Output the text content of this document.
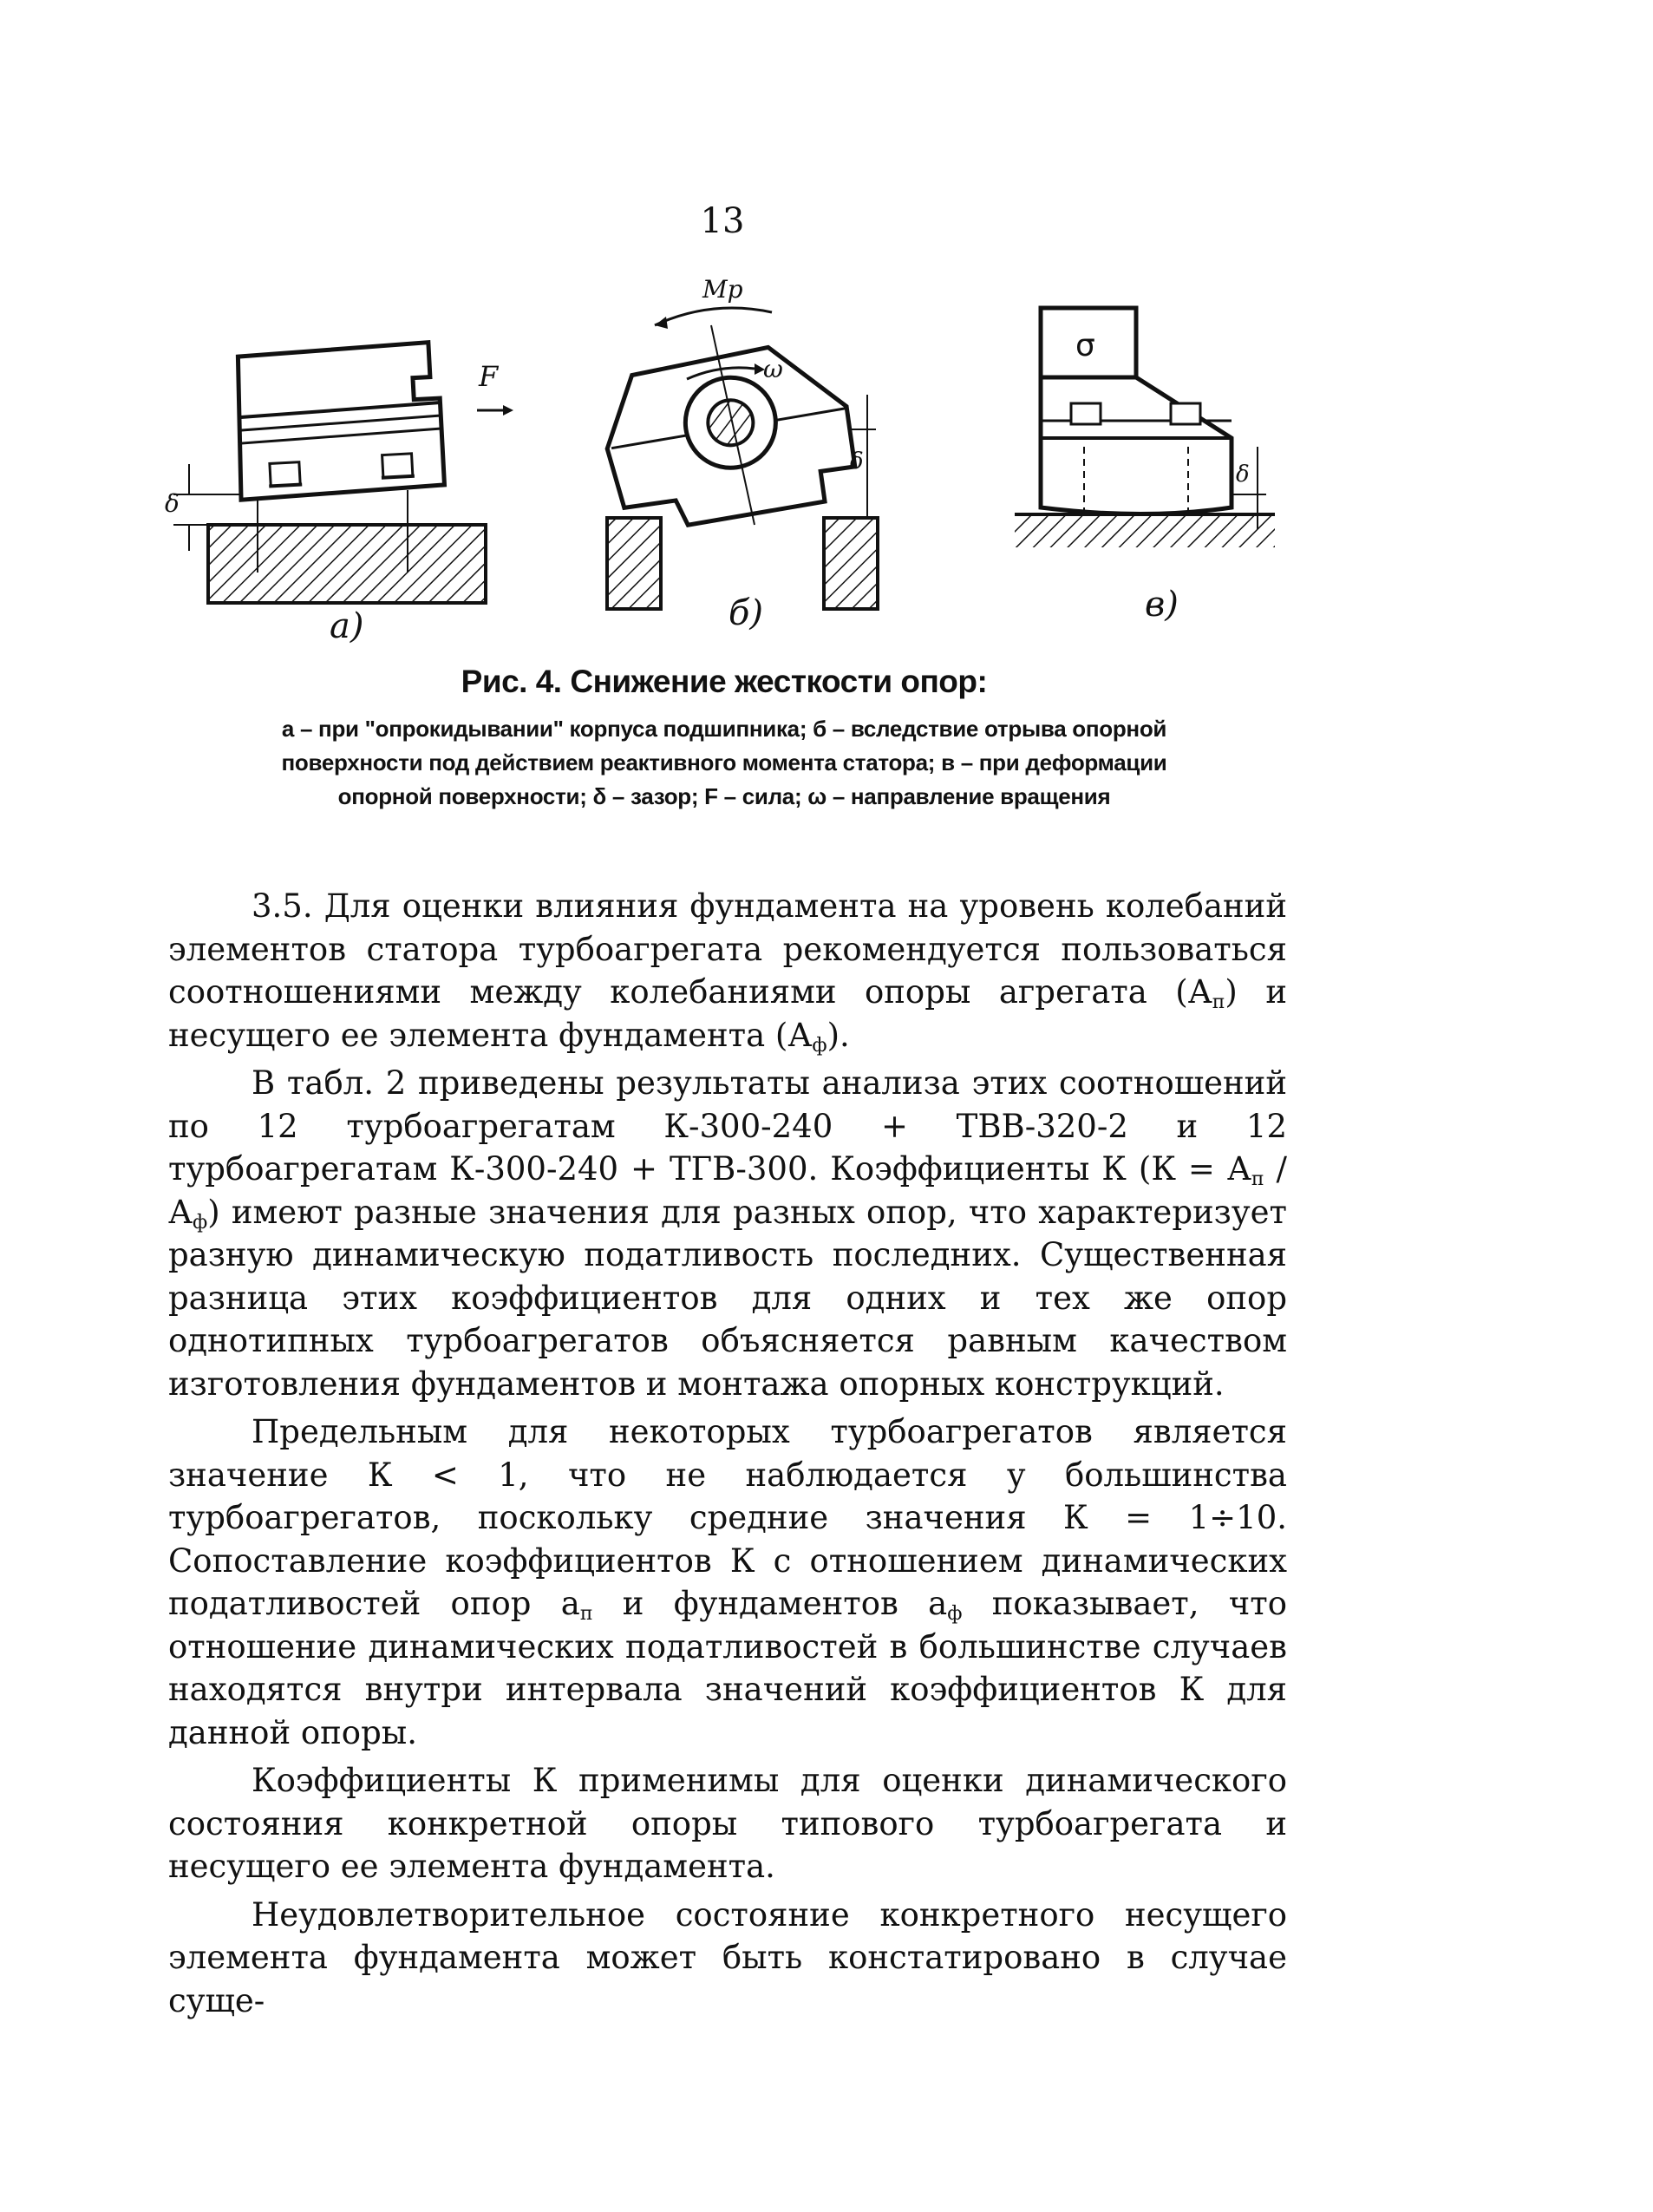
13
F
δ
a)
Mр
ω
δ
б)
σ
δ
в)
Рис. 4. Снижение жесткости опор:
а – при "опрокидывании" корпуса подшипника; б – вследствие отрыва опорной
поверхности под действием реактивного момента статора; в – при деформации
опорной поверхности; δ – зазор; F – сила; ω – направление вращения

3.5. Для оценки влияния фундамента на уровень колебаний элементов статора турбоагрегата рекомендуется пользоваться соотношениями между колебаниями опоры агрегата $(А_п)$ и несущего ее элемента фундамента $(А_ф)$.

В табл. 2 приведены результаты анализа этих соотношений по 12 турбоагрегатам К-300-240 + ТВВ-320-2 и 12 турбоагрегатам К-300-240 + ТГВ-300. Коэффициенты К $(К = А_п / А_ф)$ имеют разные значения для разных опор, что характеризует разную динамическую податливость последних. Существенная разница этих коэффициентов для одних и тех же опор однотипных турбоагрегатов объясняется равным качеством изготовления фундаментов и монтажа опорных конструкций.

Предельным для некоторых турбоагрегатов является значение К < 1, что не наблюдается у большинства турбоагрегатов, поскольку средние значения К = 1÷10. Сопоставление коэффициентов К с отношением динамических податливостей опор $а_п$ и фундаментов $а_ф$ показывает, что отношение динамических податливостей в большинстве случаев находятся внутри интервала значений коэффициентов К для данной опоры.

Коэффициенты К применимы для оценки динамического состояния конкретной опоры типового турбоагрегата и несущего ее элемента фундамента.

Неудовлетворительное состояние конкретного несущего элемента фундамента может быть констатировано в случае суще-
